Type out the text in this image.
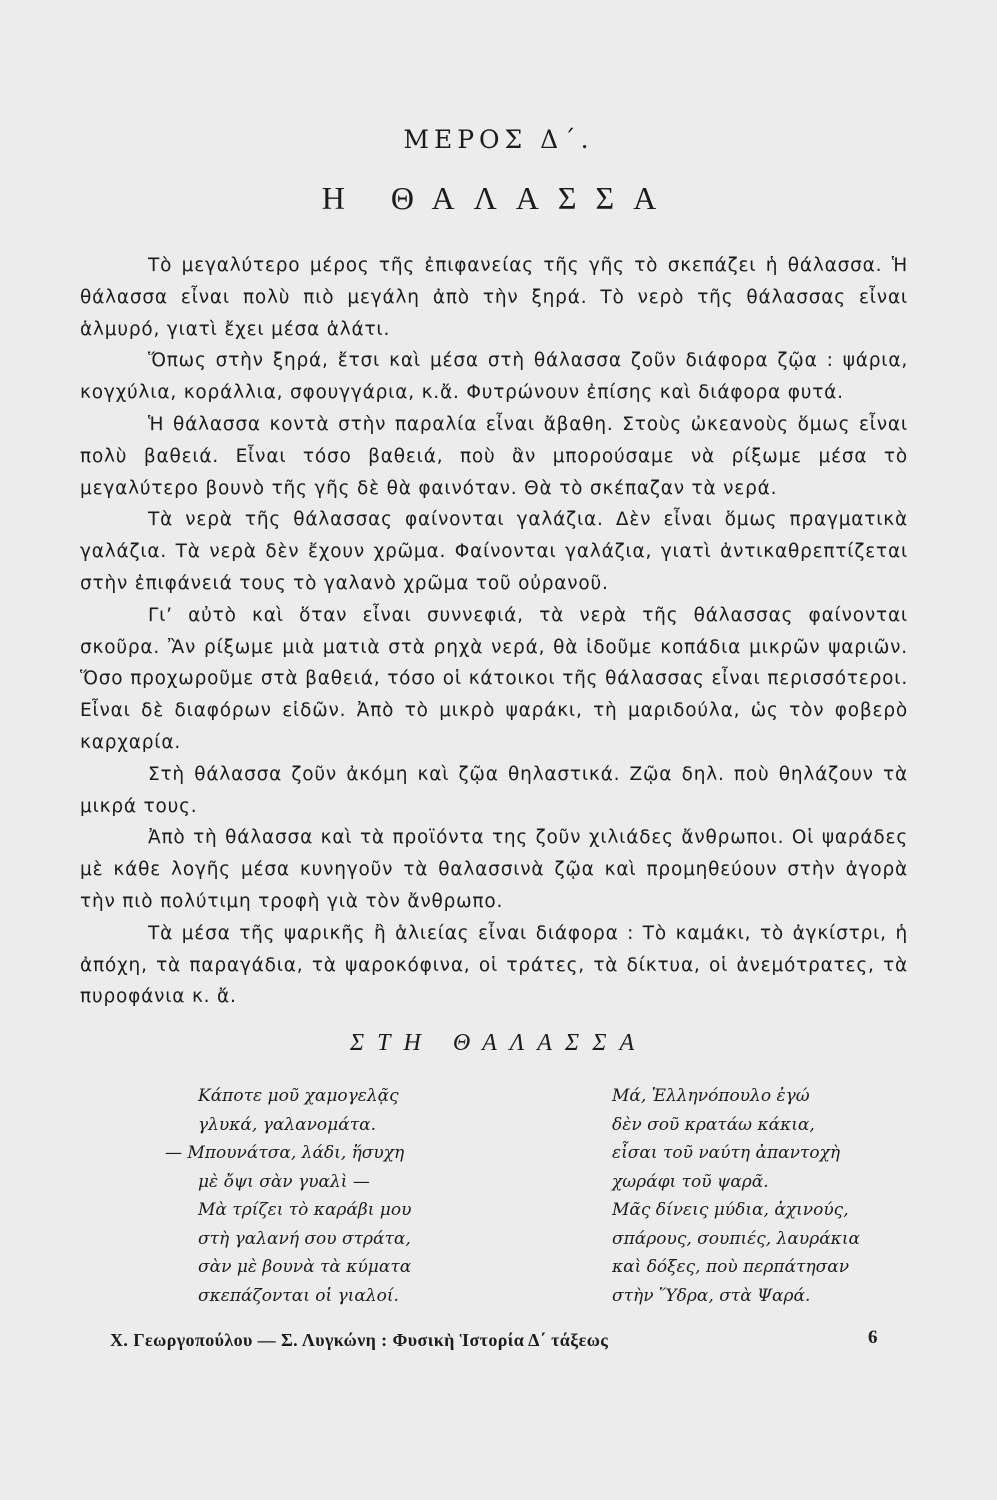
ΜΕΡΟΣ Δ΄.
Η ΘΑΛΑΣΣΑ

Τὸ μεγαλύτερο μέρος τῆς ἐπιφανείας τῆς γῆς τὸ σκεπάζει ἡ θάλασσα. Ἡ θάλασσα εἶναι πολὺ πιὸ μεγάλη ἀπὸ τὴν ξηρά. Τὸ νερὸ τῆς θάλασσας εἶναι ἁλμυρό, γιατὶ ἔχει μέσα ἁλάτι.

Ὅπως στὴν ξηρά, ἔτσι καὶ μέσα στὴ θάλασσα ζοῦν διάφορα ζῷα : ψάρια, κογχύλια, κοράλλια, σφουγγάρια, κ.ἄ. Φυτρώνουν ἐπίσης καὶ διάφορα φυτά.

Ἡ θάλασσα κοντὰ στὴν παραλία εἶναι ἄβαθη. Στοὺς ὠκεανοὺς ὅμως εἶναι πολὺ βαθειά. Εἶναι τόσο βαθειά, ποὺ ἂν μπορούσαμε νὰ ρίξωμε μέσα τὸ μεγαλύτερο βουνὸ τῆς γῆς δὲ θὰ φαινόταν. Θὰ τὸ σκέπαζαν τὰ νερά.

Τὰ νερὰ τῆς θάλασσας φαίνονται γαλάζια. Δὲν εἶναι ὅμως πραγματικὰ γαλάζια. Τὰ νερὰ δὲν ἔχουν χρῶμα. Φαίνονται γαλάζια, γιατὶ ἀντικαθρεπτίζεται στὴν ἐπιφάνειά τους τὸ γαλανὸ χρῶμα τοῦ οὐρανοῦ.

Γι’ αὐτὸ καὶ ὅταν εἶναι συννεφιά, τὰ νερὰ τῆς θάλασσας φαίνονται σκοῦρα. Ἂν ρίξωμε μιὰ ματιὰ στὰ ρηχὰ νερά, θὰ ἰδοῦμε κοπάδια μικρῶν ψαριῶν. Ὅσο προχωροῦμε στὰ βαθειά, τόσο οἱ κάτοικοι τῆς θάλασσας εἶναι περισσότεροι. Εἶναι δὲ διαφόρων εἰδῶν. Ἀπὸ τὸ μικρὸ ψαράκι, τὴ μαριδούλα, ὡς τὸν φοβερὸ καρχαρία.

Στὴ θάλασσα ζοῦν ἀκόμη καὶ ζῷα θηλαστικά. Ζῷα δηλ. ποὺ θηλάζουν τὰ μικρά τους.

Ἀπὸ τὴ θάλασσα καὶ τὰ προϊόντα της ζοῦν χιλιάδες ἄνθρωποι. Οἱ ψαράδες μὲ κάθε λογῆς μέσα κυνηγοῦν τὰ θαλασσινὰ ζῷα καὶ προμηθεύουν στὴν ἀγορὰ τὴν πιὸ πολύτιμη τροφὴ γιὰ τὸν ἄνθρωπο.

Τὰ μέσα τῆς ψαρικῆς ἢ ἁλιείας εἶναι διάφορα : Τὸ καμάκι, τὸ ἀγκίστρι, ἡ ἀπόχη, τὰ παραγάδια, τὰ ψαροκόφινα, οἱ τράτες, τὰ δίκτυα, οἱ ἀνεμότρατες, τὰ πυροφάνια κ. ἄ.

ΣΤΗ ΘΑΛΑΣΣΑ
Κάποτε μοῦ χαμογελᾷς
γλυκά, γαλανομάτα.
— Μπουνάτσα, λάδι, ἥσυχη
μὲ ὄψι σὰν γυαλὶ —
Μὰ τρίζει τὸ καράβι μου
στὴ γαλανή σου στράτα,
σὰν μὲ βουνὰ τὰ κύματα
σκεπάζονται οἱ γιαλοί.
Μά, Ἑλληνόπουλο ἐγώ
δὲν σοῦ κρατάω κάκια,
εἶσαι τοῦ ναύτη ἀπαντοχὴ
χωράφι τοῦ ψαρᾶ.
Μᾶς δίνεις μύδια, ἀχινούς,
σπάρους, σουπιές, λαυράκια
καὶ δόξες, ποὺ περπάτησαν
στὴν Ὕδρα, στὰ Ψαρά.
Χ. Γεωργοπούλου — Σ. Λυγκώνη : Φυσικὴ Ἱστορία Δ΄ τάξεως	6
